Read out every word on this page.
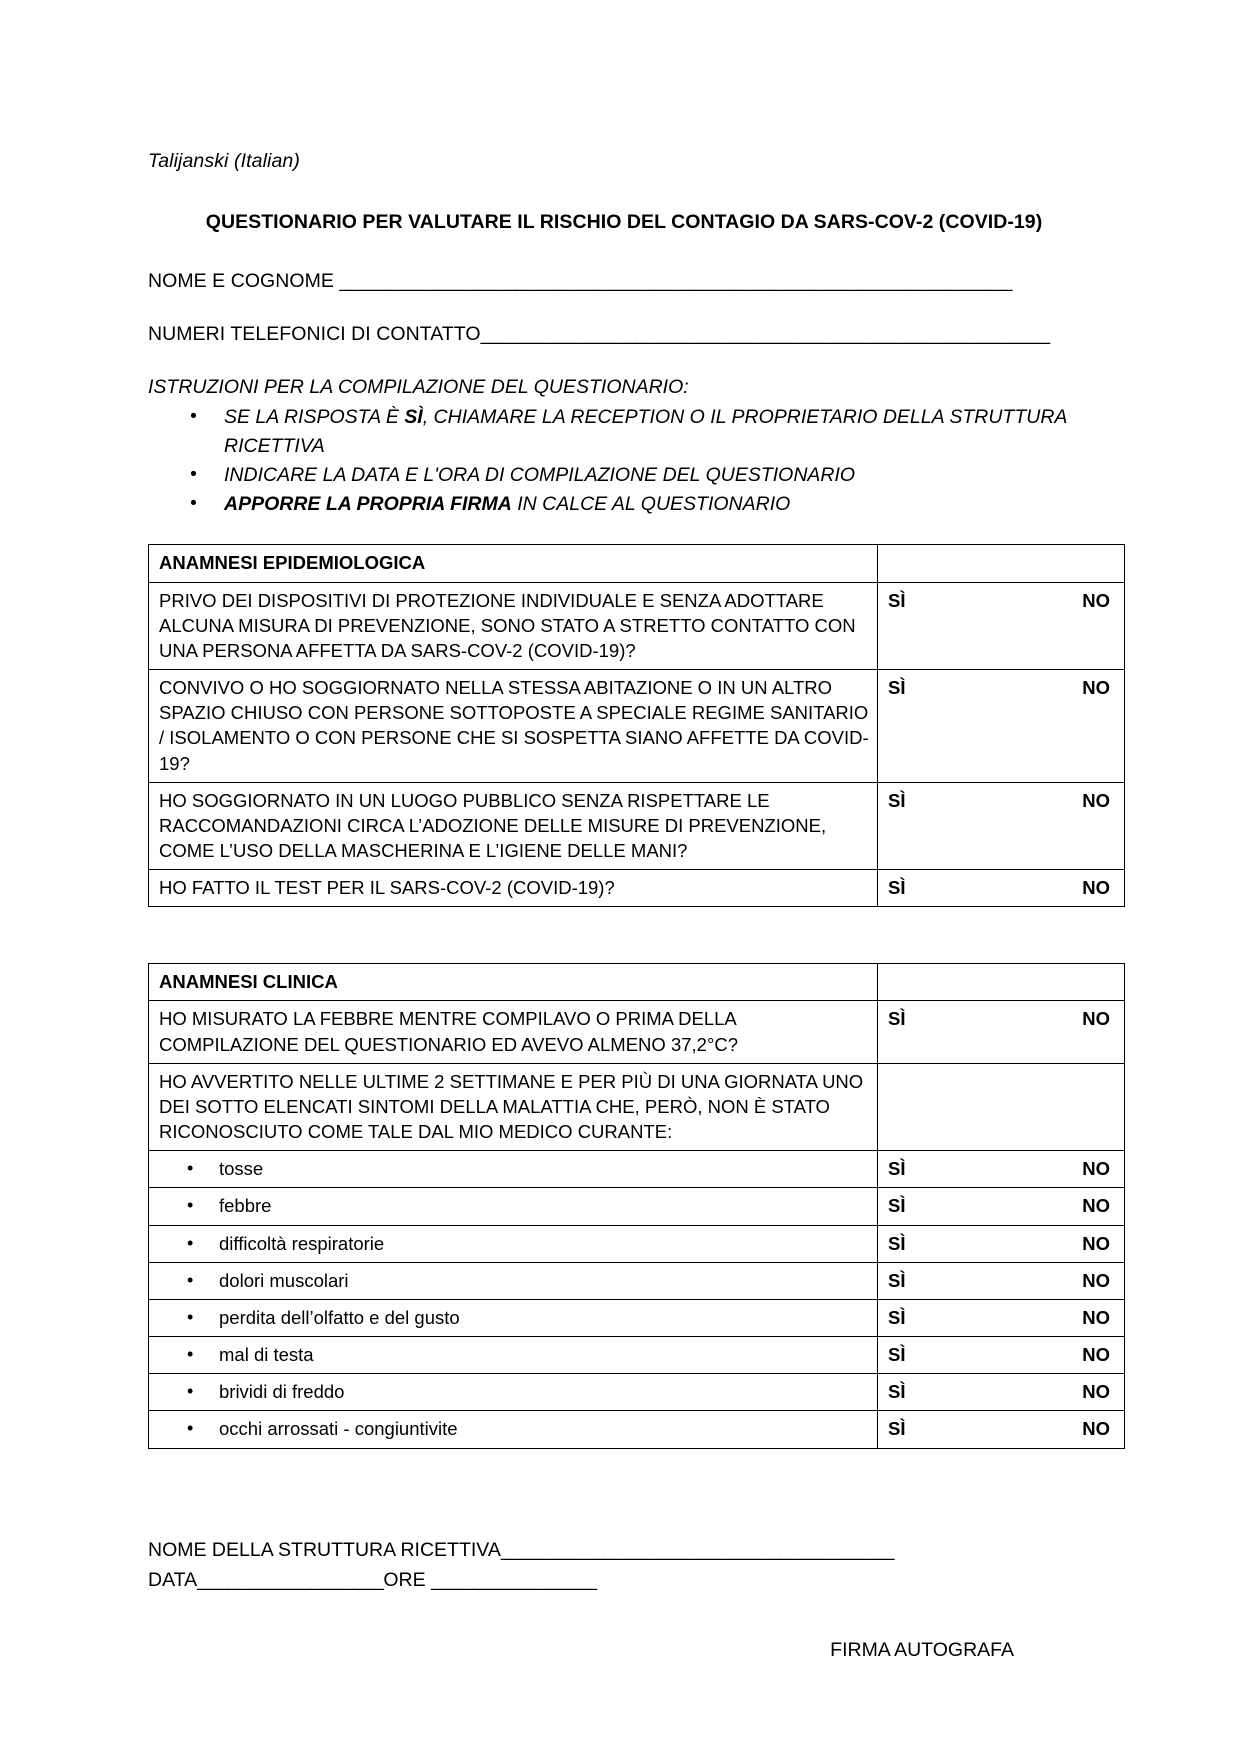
Talijanski (Italian)
QUESTIONARIO PER VALUTARE IL RISCHIO DEL CONTAGIO DA SARS-COV-2 (COVID-19)
NOME E COGNOME _________________________________________________________________
NUMERI TELEFONICI DI CONTATTO_______________________________________________________
ISTRUZIONI PER LA COMPILAZIONE DEL QUESTIONARIO:
• SE LA RISPOSTA È SÌ, CHIAMARE LA RECEPTION O IL PROPRIETARIO DELLA STRUTTURA RICETTIVA
• INDICARE LA DATA E L'ORA DI COMPILAZIONE DEL QUESTIONARIO
• APPORRE LA PROPRIA FIRMA IN CALCE AL QUESTIONARIO
ANAMNESI EPIDEMIOLOGICA	
PRIVO DEI DISPOSITIVI DI PROTEZIONE INDIVIDUALE E SENZA ADOTTARE ALCUNA MISURA DI PREVENZIONE, SONO STATO A STRETTO CONTATTO CON UNA PERSONA AFFETTA DA SARS-COV-2 (COVID-19)?	SÌ NO

CONVIVO O HO SOGGIORNATO NELLA STESSA ABITAZIONE O IN UN ALTRO SPAZIO CHIUSO CON PERSONE SOTTOPOSTE A SPECIALE REGIME SANITARIO / ISOLAMENTO O CON PERSONE CHE SI SOSPETTA SIANO AFFETTE DA COVID-19?	SÌ NO

HO SOGGIORNATO IN UN LUOGO PUBBLICO SENZA RISPETTARE LE RACCOMANDAZIONI CIRCA L’ADOZIONE DELLE MISURE DI PREVENZIONE, COME L’USO DELLA MASCHERINA E L’IGIENE DELLE MANI?	SÌ NO

HO FATTO IL TEST PER IL SARS-COV-2 (COVID-19)?	SÌ NO
ANAMNESI CLINICA	
HO MISURATO LA FEBBRE MENTRE COMPILAVO O PRIMA DELLA COMPILAZIONE DEL QUESTIONARIO ED AVEVO ALMENO 37,2°C?	SÌ NO

HO AVVERTITO NELLE ULTIME 2 SETTIMANE E PER PIÙ DI UNA GIORNATA UNO DEI SOTTO ELENCATI SINTOMI DELLA MALATTIA CHE, PERÒ, NON È STATO RICONOSCIUTO COME TALE DAL MIO MEDICO CURANTE:	
• tosse	SÌ NO

• febbre	SÌ NO

• difficoltà respiratorie	SÌ NO

• dolori muscolari	SÌ NO

• perdita dell’olfatto e del gusto	SÌ NO

• mal di testa	SÌ NO

• brividi di freddo	SÌ NO

• occhi arrossati - congiuntivite	SÌ NO
NOME DELLA STRUTTURA RICETTIVA______________________________________
DATA__________________ORE ________________
FIRMA AUTOGRAFA
